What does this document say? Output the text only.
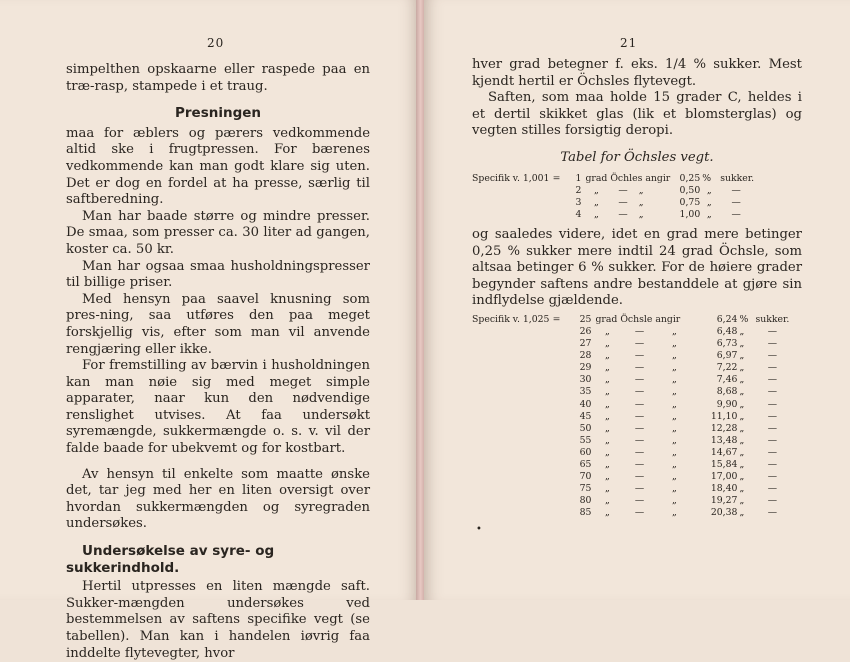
20

simpelthen opskaarne eller raspede paa en træ-rasp, stampede i et traug.

Presningen

maa for æblers og pærers vedkommende altid ske i frugtpressen. For bærenes vedkommende kan man godt klare sig uten. Det er dog en fordel at ha presse, særlig til saftberedning.

Man har baade større og mindre presser. De smaa, som presser ca. 30 liter ad gangen, koster ca. 50 kr.

Man har ogsaa smaa husholdningspresser til billige priser.

Med hensyn paa saavel knusning som pres-ning, saa utføres den paa meget forskjellig vis, efter som man vil anvende rengjæring eller ikke.

For fremstilling av bærvin i husholdningen kan man nøie sig med meget simple apparater, naar kun den nødvendige renslighet utvises. At faa undersøkt syremængde, sukkermængde o. s. v. vil der falde baade for ubekvemt og for kostbart.

Av hensyn til enkelte som maatte ønske det, tar jeg med her en liten oversigt over hvordan sukkermængden og syregraden undersøkes.

Undersøkelse av syre- og sukkerindhold.

Hertil utpresses en liten mængde saft. Sukker-mængden undersøkes ved bestemmelsen av saftens specifike vegt (se tabellen). Man kan i handelen iøvrig faa inddelte flytevegter, hvor

21

hver grad betegner f. eks. 1/4 % sukker. Mest kjendt hertil er Öchsles flytevegt.

Saften, som maa holde 15 grader C, heldes i et dertil skikket glas (lik et blomsterglas) og vegten stilles forsigtig deropi.

Tabel for Öchsles vegt.
Specifik v. 1,001	=	1	grad Öchles angir			0,25	%	sukker.
		2	„	—	„	0,50	„	—
		3	„	—	„	0,75	„	—
		4	„	—	„	1,00	„	—

og saaledes videre, idet en grad mere betinger 0,25 % sukker mere indtil 24 grad Öchsle, som altsaa betinger 6 % sukker. For de høiere grader begynder saftens andre bestanddele at gjøre sin indflydelse gjældende.

Specifik v. 1,025	=	25	grad Öchsle angir			6,24	%	sukker.
		26	„	—	„	6,48	„	—
		27	„	—	„	6,73	„	—
		28	„	—	„	6,97	„	—
		29	„	—	„	7,22	„	—
		30	„	—	„	7,46	„	—
		35	„	—	„	8,68	„	—
		40	„	—	„	9,90	„	—
		45	„	—	„	11,10	„	—
		50	„	—	„	12,28	„	—
		55	„	—	„	13,48	„	—
		60	„	—	„	14,67	„	—
		65	„	—	„	15,84	„	—
		70	„	—	„	17,00	„	—
		75	„	—	„	18,40	„	—
		80	„	—	„	19,27	„	—
		85	„	—	„	20,38	„	—
•
